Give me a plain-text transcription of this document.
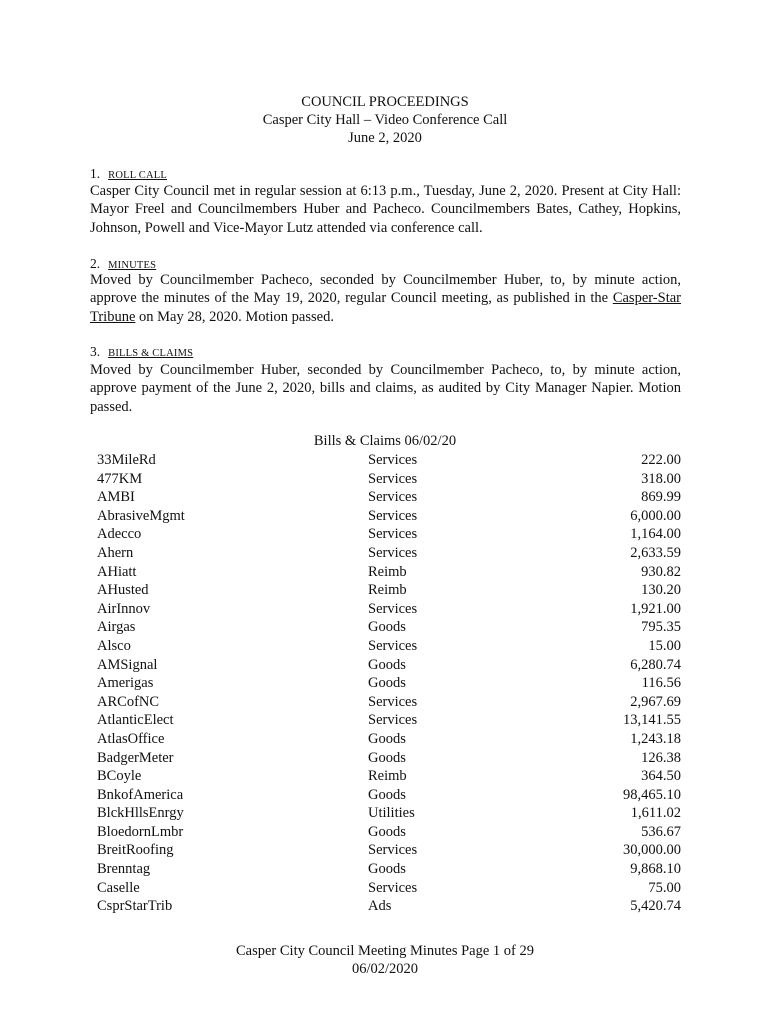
COUNCIL PROCEEDINGS
Casper City Hall – Video Conference Call
June 2, 2020
1. ROLL CALL
Casper City Council met in regular session at 6:13 p.m., Tuesday, June 2, 2020. Present at City Hall: Mayor Freel and Councilmembers Huber and Pacheco. Councilmembers Bates, Cathey, Hopkins, Johnson, Powell and Vice-Mayor Lutz attended via conference call.
2. MINUTES
Moved by Councilmember Pacheco, seconded by Councilmember Huber, to, by minute action, approve the minutes of the May 19, 2020, regular Council meeting, as published in the Casper-Star Tribune on May 28, 2020. Motion passed.
3. BILLS & CLAIMS
Moved by Councilmember Huber, seconded by Councilmember Pacheco, to, by minute action, approve payment of the June 2, 2020, bills and claims, as audited by City Manager Napier. Motion passed.
Bills & Claims 06/02/20
33MileRd	Services	222.00
477KM	Services	318.00
AMBI	Services	869.99
AbrasiveMgmt	Services	6,000.00
Adecco	Services	1,164.00
Ahern	Services	2,633.59
AHiatt	Reimb	930.82
AHusted	Reimb	130.20
AirInnov	Services	1,921.00
Airgas	Goods	795.35
Alsco	Services	15.00
AMSignal	Goods	6,280.74
Amerigas	Goods	116.56
ARCofNC	Services	2,967.69
AtlanticElect	Services	13,141.55
AtlasOffice	Goods	1,243.18
BadgerMeter	Goods	126.38
BCoyle	Reimb	364.50
BnkofAmerica	Goods	98,465.10
BlckHllsEnrgy	Utilities	1,611.02
BloedornLmbr	Goods	536.67
BreitRoofing	Services	30,000.00
Brenntag	Goods	9,868.10
Caselle	Services	75.00
CsprStarTrib	Ads	5,420.74
Casper City Council Meeting Minutes Page 1 of 29
06/02/2020
